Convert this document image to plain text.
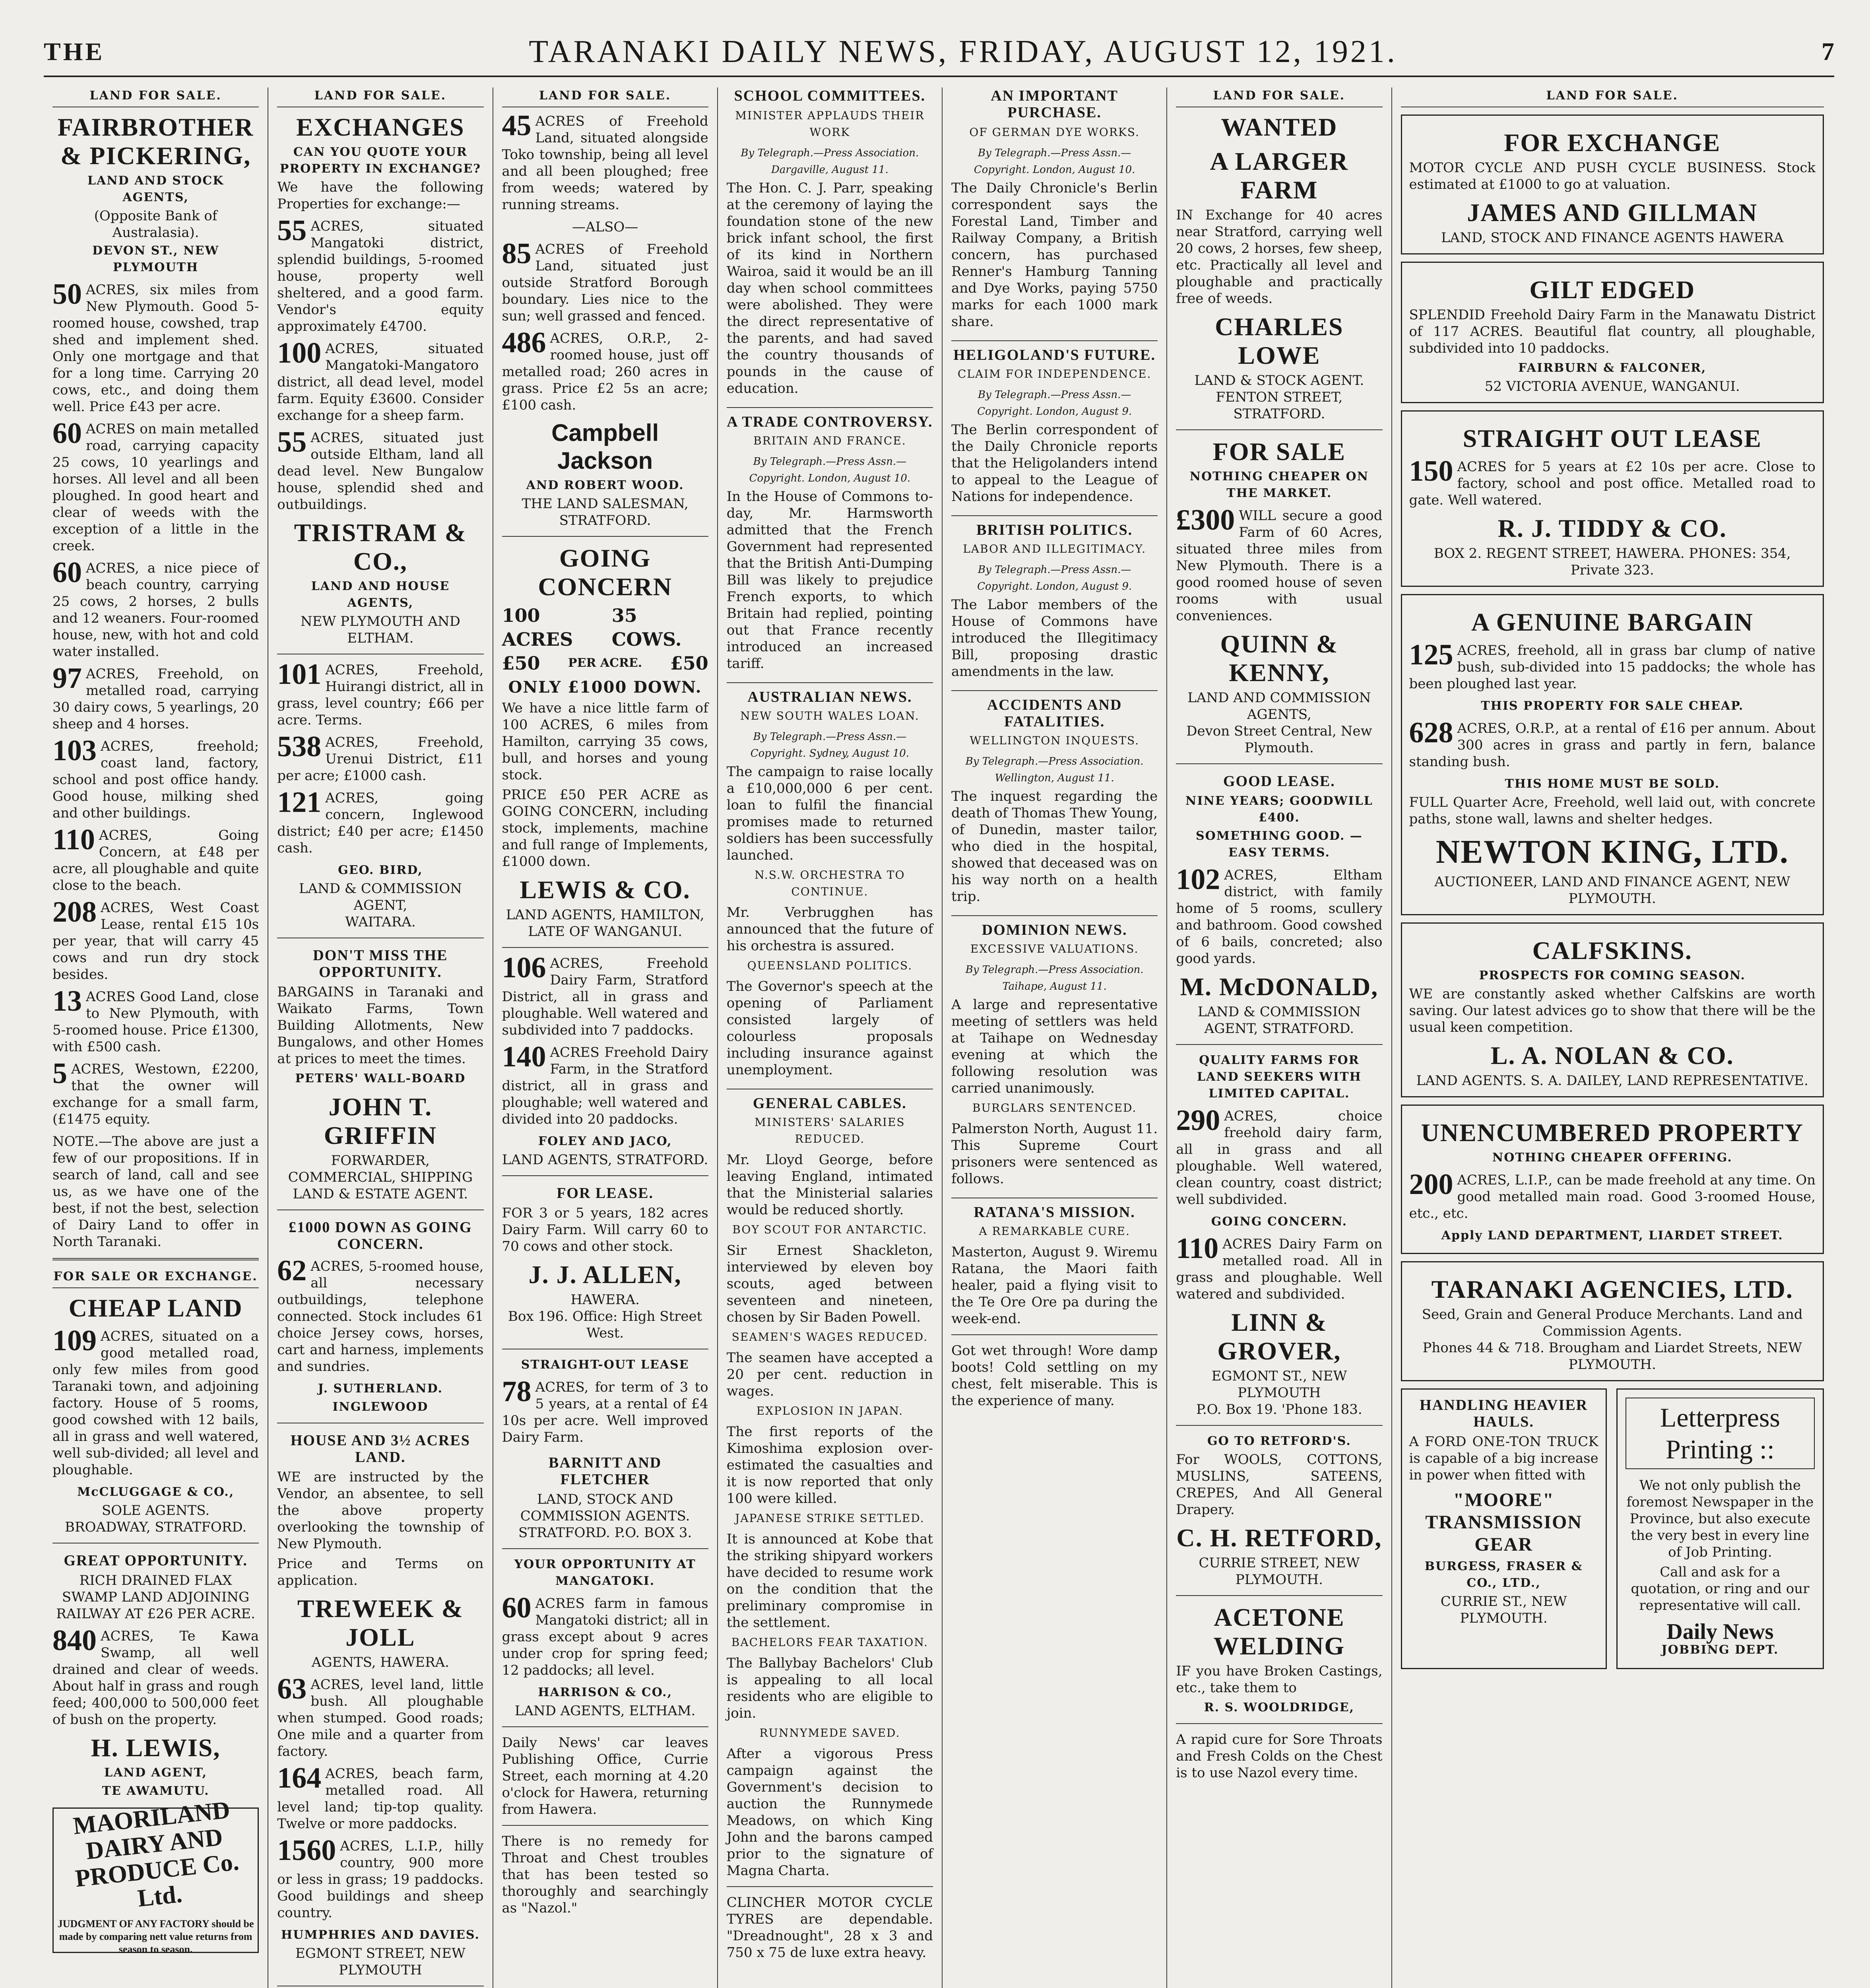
THE	TARANAKI DAILY NEWS, FRIDAY, AUGUST 12, 1921.	7
LAND FOR SALE.
FAIRBROTHER & PICKERING,
LAND AND STOCK AGENTS,
(Opposite Bank of Australasia).
DEVON ST., NEW PLYMOUTH
50 ACRES, six miles from New Plymouth. Good 5-roomed house, cowshed, trap shed and implement shed. Only one mortgage and that for a long time. Carrying 20 cows, etc., and doing them well. Price £43 per acre.
60 ACRES on main metalled road, carrying capacity 25 cows, 10 yearlings and horses. All level and all been ploughed. In good heart and clear of weeds with the exception of a little in the creek.
60 ACRES, a nice piece of beach country, carrying 25 cows, 2 horses, 2 bulls and 12 weaners. Four-roomed house, new, with hot and cold water installed.
97 ACRES, Freehold, on metalled road, carrying 30 dairy cows, 5 yearlings, 20 sheep and 4 horses.
103 ACRES, freehold; coast land, factory, school and post office handy. Good house, milking shed and other buildings.
110 ACRES, Going Concern, at £48 per acre, all ploughable and quite close to the beach.
208 ACRES, West Coast Lease, rental £15 10s per year, that will carry 45 cows and run dry stock besides.
13 ACRES Good Land, close to New Plymouth, with 5-roomed house. Price £1300, with £500 cash.
5 ACRES, Westown, £2200, that the owner will exchange for a small farm, (£1475 equity.

NOTE.—The above are just a few of our propositions. If in search of land, call and see us, as we have one of the best, if not the best, selection of Dairy Land to offer in North Taranaki.

FOR SALE OR EXCHANGE.
CHEAP LAND
109 ACRES, situated on a good metalled road, only few miles from good Taranaki town, and adjoining factory. House of 5 rooms, good cowshed with 12 bails, all in grass and well watered, well sub-divided; all level and ploughable.
McCLUGGAGE & CO.,
SOLE AGENTS.
BROADWAY, STRATFORD.
GREAT OPPORTUNITY.
RICH DRAINED FLAX SWAMP LAND ADJOINING RAILWAY AT £26 PER ACRE.
840 ACRES, Te Kawa Swamp, all well drained and clear of weeds. About half in grass and rough feed; 400,000 to 500,000 feet of bush on the property.
H. LEWIS,
LAND AGENT,
TE AWAMUTU.
MAORILAND DAIRY AND PRODUCE Co. Ltd.
JUDGMENT OF ANY FACTORY should be made by comparing nett value returns from season to season.
LAND FOR SALE.
EXCHANGES
CAN YOU QUOTE YOUR PROPERTY IN EXCHANGE?

We have the following Properties for exchange:—

55 ACRES, situated Mangatoki district, splendid buildings, 5-roomed house, property well sheltered, and a good farm. Vendor's equity approximately £4700.
100 ACRES, situated Mangatoki-Mangatoro district, all dead level, model farm. Equity £3600. Consider exchange for a sheep farm.
55 ACRES, situated just outside Eltham, land all dead level. New Bungalow house, splendid shed and outbuildings.
TRISTRAM & CO.,
LAND AND HOUSE AGENTS,
NEW PLYMOUTH AND ELTHAM.
101 ACRES, Freehold, Huirangi district, all in grass, level country; £66 per acre. Terms.
538 ACRES, Freehold, Urenui District, £11 per acre; £1000 cash.
121 ACRES, going concern, Inglewood district; £40 per acre; £1450 cash.
GEO. BIRD,
LAND & COMMISSION AGENT,
WAITARA.
DON'T MISS THE OPPORTUNITY.

BARGAINS in Taranaki and Waikato Farms, Town Building Allotments, New Bungalows, and other Homes at prices to meet the times.

PETERS' WALL-BOARD
JOHN T. GRIFFIN
FORWARDER, COMMERCIAL, SHIPPING LAND & ESTATE AGENT.
£1000 DOWN AS GOING CONCERN.
62 ACRES, 5-roomed house, all necessary outbuildings, telephone connected. Stock includes 61 choice Jersey cows, horses, cart and harness, implements and sundries.
J. SUTHERLAND.
INGLEWOOD
HOUSE AND 3½ ACRES LAND.

WE are instructed by the Vendor, an absentee, to sell the above property overlooking the township of New Plymouth.

Price and Terms on application.

TREWEEK & JOLL
AGENTS, HAWERA.
63 ACRES, level land, little bush. All ploughable when stumped. Good roads; One mile and a quarter from factory.
164 ACRES, beach farm, metalled road. All level land; tip-top quality. Twelve or more paddocks.
1560 ACRES, L.I.P., hilly country, 900 more or less in grass; 19 paddocks. Good buildings and sheep country.
HUMPHRIES AND DAVIES.
EGMONT STREET, NEW PLYMOUTH
LAND FOR SALE.
45 ACRES of Freehold Land, situated alongside Toko township, being all level and all been ploughed; free from weeds; watered by running streams.
—ALSO—
85 ACRES of Freehold Land, situated just outside Stratford Borough boundary. Lies nice to the sun; well grassed and fenced.
486 ACRES, O.R.P., 2-roomed house, just off metalled road; 260 acres in grass. Price £2 5s an acre; £100 cash.
Campbell Jackson
AND ROBERT WOOD.
THE LAND SALESMAN, STRATFORD.
GOING CONCERN
100 ACRES
35 COWS.
£50 PER ACRE. £50
ONLY £1000 DOWN.

We have a nice little farm of 100 ACRES, 6 miles from Hamilton, carrying 35 cows, bull, and horses and young stock.

PRICE £50 PER ACRE as GOING CONCERN, including stock, implements, machine and full range of Implements, £1000 down.

LEWIS & CO.
LAND AGENTS, HAMILTON, LATE OF WANGANUI.
106 ACRES, Freehold Dairy Farm, Stratford District, all in grass and ploughable. Well watered and subdivided into 7 paddocks.
140 ACRES Freehold Dairy Farm, in the Stratford district, all in grass and ploughable; well watered and divided into 20 paddocks.
FOLEY AND JACO,
LAND AGENTS, STRATFORD.
FOR LEASE.

FOR 3 or 5 years, 182 acres Dairy Farm. Will carry 60 to 70 cows and other stock.

J. J. ALLEN,
HAWERA.
Box 196. Office: High Street West.
STRAIGHT-OUT LEASE
78 ACRES, for term of 3 to 5 years, at a rental of £4 10s per acre. Well improved Dairy Farm.
BARNITT AND FLETCHER
LAND, STOCK AND COMMISSION AGENTS.
STRATFORD. P.O. BOX 3.
YOUR OPPORTUNITY AT MANGATOKI.
60 ACRES farm in famous Mangatoki district; all in grass except about 9 acres under crop for spring feed; 12 paddocks; all level.
HARRISON & CO.,
LAND AGENTS, ELTHAM.

Daily News' car leaves Publishing Office, Currie Street, each morning at 4.20 o'clock for Hawera, returning from Hawera.

There is no remedy for Throat and Chest troubles that has been tested so thoroughly and searchingly as "Nazol."

SCHOOL COMMITTEES.
MINISTER APPLAUDS THEIR WORK
By Telegraph.—Press Association. Dargaville, August 11.

The Hon. C. J. Parr, speaking at the ceremony of laying the foundation stone of the new brick infant school, the first of its kind in Northern Wairoa, said it would be an ill day when school committees were abolished. They were the direct representative of the parents, and had saved the country thousands of pounds in the cause of education.

A TRADE CONTROVERSY.
BRITAIN AND FRANCE.
By Telegraph.—Press Assn.—Copyright. London, August 10.

In the House of Commons to-day, Mr. Harmsworth admitted that the French Government had represented that the British Anti-Dumping Bill was likely to prejudice French exports, to which Britain had replied, pointing out that France recently introduced an increased tariff.

AUSTRALIAN NEWS.
NEW SOUTH WALES LOAN.
By Telegraph.—Press Assn.—Copyright. Sydney, August 10.

The campaign to raise locally a £10,000,000 6 per cent. loan to fulfil the financial promises made to returned soldiers has been successfully launched.

N.S.W. ORCHESTRA TO CONTINUE.

Mr. Verbrugghen has announced that the future of his orchestra is assured.

QUEENSLAND POLITICS.

The Governor's speech at the opening of Parliament consisted largely of colourless proposals including insurance against unemployment.

GENERAL CABLES.
MINISTERS' SALARIES REDUCED.

Mr. Lloyd George, before leaving England, intimated that the Ministerial salaries would be reduced shortly.

BOY SCOUT FOR ANTARCTIC.

Sir Ernest Shackleton, interviewed by eleven boy scouts, aged between seventeen and nineteen, chosen by Sir Baden Powell.

SEAMEN'S WAGES REDUCED.

The seamen have accepted a 20 per cent. reduction in wages.

EXPLOSION IN JAPAN.

The first reports of the Kimoshima explosion over-estimated the casualties and it is now reported that only 100 were killed.

JAPANESE STRIKE SETTLED.

It is announced at Kobe that the striking shipyard workers have decided to resume work on the condition that the preliminary compromise in the settlement.

BACHELORS FEAR TAXATION.

The Ballybay Bachelors' Club is appealing to all local residents who are eligible to join.

RUNNYMEDE SAVED.

After a vigorous Press campaign against the Government's decision to auction the Runnymede Meadows, on which King John and the barons camped prior to the signature of Magna Charta.

CLINCHER MOTOR CYCLE TYRES are dependable. "Dreadnought", 28 x 3 and 750 x 75 de luxe extra heavy.

AN IMPORTANT PURCHASE.
OF GERMAN DYE WORKS.
By Telegraph.—Press Assn.—Copyright. London, August 10.

The Daily Chronicle's Berlin correspondent says the Forestal Land, Timber and Railway Company, a British concern, has purchased Renner's Hamburg Tanning and Dye Works, paying 5750 marks for each 1000 mark share.

HELIGOLAND'S FUTURE.
CLAIM FOR INDEPENDENCE.
By Telegraph.—Press Assn.—Copyright. London, August 9.

The Berlin correspondent of the Daily Chronicle reports that the Heligolanders intend to appeal to the League of Nations for independence.

BRITISH POLITICS.
LABOR AND ILLEGITIMACY.
By Telegraph.—Press Assn.—Copyright. London, August 9.

The Labor members of the House of Commons have introduced the Illegitimacy Bill, proposing drastic amendments in the law.

ACCIDENTS AND FATALITIES.
WELLINGTON INQUESTS.
By Telegraph.—Press Association. Wellington, August 11.

The inquest regarding the death of Thomas Thew Young, of Dunedin, master tailor, who died in the hospital, showed that deceased was on his way north on a health trip.

DOMINION NEWS.
EXCESSIVE VALUATIONS.
By Telegraph.—Press Association. Taihape, August 11.

A large and representative meeting of settlers was held at Taihape on Wednesday evening at which the following resolution was carried unanimously.

BURGLARS SENTENCED.

Palmerston North, August 11. This Supreme Court prisoners were sentenced as follows.

RATANA'S MISSION.
A REMARKABLE CURE.

Masterton, August 9. Wiremu Ratana, the Maori faith healer, paid a flying visit to the Te Ore Ore pa during the week-end.

Got wet through! Wore damp boots! Cold settling on my chest, felt miserable. This is the experience of many.

LAND FOR SALE.
WANTED
A LARGER FARM

IN Exchange for 40 acres near Stratford, carrying well 20 cows, 2 horses, few sheep, etc. Practically all level and ploughable and practically free of weeds.

CHARLES LOWE
LAND & STOCK AGENT.
FENTON STREET, STRATFORD.
FOR SALE
NOTHING CHEAPER ON THE MARKET.
£300 WILL secure a good Farm of 60 Acres, situated three miles from New Plymouth. There is a good roomed house of seven rooms with usual conveniences.
QUINN & KENNY,
LAND AND COMMISSION AGENTS,
Devon Street Central, New Plymouth.
GOOD LEASE.
NINE YEARS; GOODWILL £400.
SOMETHING GOOD. — EASY TERMS.
102 ACRES, Eltham district, with family home of 5 rooms, scullery and bathroom. Good cowshed of 6 bails, concreted; also good yards.
M. McDONALD,
LAND & COMMISSION AGENT, STRATFORD.
QUALITY FARMS FOR LAND SEEKERS WITH LIMITED CAPITAL.
290 ACRES, choice freehold dairy farm, all in grass and all ploughable. Well watered, clean country, coast district; well subdivided.
GOING CONCERN.
110 ACRES Dairy Farm on metalled road. All in grass and ploughable. Well watered and subdivided.
LINN & GROVER,
EGMONT ST., NEW PLYMOUTH
P.O. Box 19. 'Phone 183.
GO TO RETFORD'S.

For WOOLS, COTTONS, MUSLINS, SATEENS, CREPES, And All General Drapery.

C. H. RETFORD,
CURRIE STREET, NEW PLYMOUTH.
ACETONE WELDING

IF you have Broken Castings, etc., take them to

R. S. WOOLDRIDGE,

A rapid cure for Sore Throats and Fresh Colds on the Chest is to use Nazol every time.

LAND FOR SALE.
FOR EXCHANGE

MOTOR CYCLE AND PUSH CYCLE BUSINESS. Stock estimated at £1000 to go at valuation.

JAMES AND GILLMAN
LAND, STOCK AND FINANCE AGENTS HAWERA
GILT EDGED

SPLENDID Freehold Dairy Farm in the Manawatu District of 117 ACRES. Beautiful flat country, all ploughable, subdivided into 10 paddocks.

FAIRBURN & FALCONER,
52 VICTORIA AVENUE, WANGANUI.
STRAIGHT OUT LEASE
150 ACRES for 5 years at £2 10s per acre. Close to factory, school and post office. Metalled road to gate. Well watered.
R. J. TIDDY & CO.
BOX 2. REGENT STREET, HAWERA. PHONES: 354, Private 323.
A GENUINE BARGAIN
125 ACRES, freehold, all in grass bar clump of native bush, sub-divided into 15 paddocks; the whole has been ploughed last year.
THIS PROPERTY FOR SALE CHEAP.
628 ACRES, O.R.P., at a rental of £16 per annum. About 300 acres in grass and partly in fern, balance standing bush.
THIS HOME MUST BE SOLD.

FULL Quarter Acre, Freehold, well laid out, with concrete paths, stone wall, lawns and shelter hedges.

NEWTON KING, LTD.
AUCTIONEER, LAND AND FINANCE AGENT, NEW PLYMOUTH.
CALFSKINS.
PROSPECTS FOR COMING SEASON.

WE are constantly asked whether Calfskins are worth saving. Our latest advices go to show that there will be the usual keen competition.

L. A. NOLAN & CO.
LAND AGENTS. S. A. DAILEY, LAND REPRESENTATIVE.
UNENCUMBERED PROPERTY
NOTHING CHEAPER OFFERING.
200 ACRES, L.I.P., can be made freehold at any time. On good metalled main road. Good 3-roomed House, etc., etc.
Apply LAND DEPARTMENT, LIARDET STREET.
TARANAKI AGENCIES, LTD.
Seed, Grain and General Produce Merchants. Land and Commission Agents.
Phones 44 & 718. Brougham and Liardet Streets, NEW PLYMOUTH.
HANDLING HEAVIER HAULS.

A FORD ONE-TON TRUCK is capable of a big increase in power when fitted with

"MOORE" TRANSMISSION GEAR
BURGESS, FRASER & CO., LTD.,
CURRIE ST., NEW PLYMOUTH.
Letterpress Printing ::

We not only publish the foremost Newspaper in the Province, but also execute the very best in every line of Job Printing.

Call and ask for a quotation, or ring and our representative will call.

Daily News
JOBBING DEPT.
